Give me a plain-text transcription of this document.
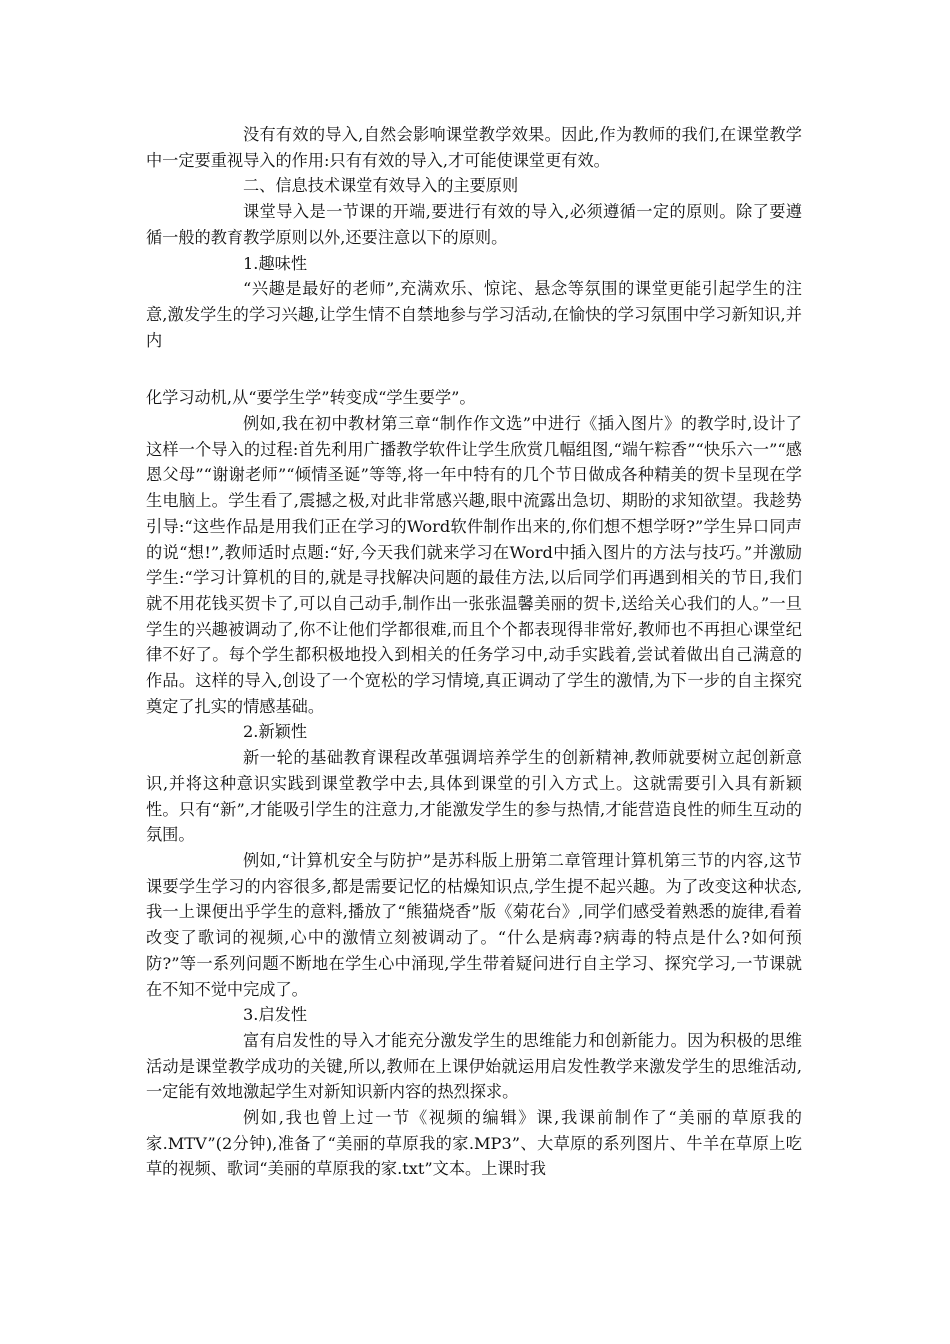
没有有效的导入,自然会影响课堂教学效果。因此,作为教师的我们,在课堂教学中一定要重视导入的作用:只有有效的导入,才可能使课堂更有效。

二、信息技术课堂有效导入的主要原则

课堂导入是一节课的开端,要进行有效的导入,必须遵循一定的原则。除了要遵循一般的教育教学原则以外,还要注意以下的原则。

1.趣味性

“兴趣是最好的老师”,充满欢乐、惊诧、悬念等氛围的课堂更能引起学生的注意,激发学生的学习兴趣,让学生情不自禁地参与学习活动,在愉快的学习氛围中学习新知识,并内

化学习动机,从“要学生学”转变成“学生要学”。

例如,我在初中教材第三章“制作作文选”中进行《插入图片》的教学时,设计了这样一个导入的过程:首先利用广播教学软件让学生欣赏几幅组图,“端午粽香”“快乐六一”“感恩父母”“谢谢老师”“倾情圣诞”等等,将一年中特有的几个节日做成各种精美的贺卡呈现在学生电脑上。学生看了,震撼之极,对此非常感兴趣,眼中流露出急切、期盼的求知欲望。我趁势引导:“这些作品是用我们正在学习的Word软件制作出来的,你们想不想学呀?”学生异口同声的说“想!”,教师适时点题:“好,今天我们就来学习在Word中插入图片的方法与技巧。”并激励学生:“学习计算机的目的,就是寻找解决问题的最佳方法,以后同学们再遇到相关的节日,我们就不用花钱买贺卡了,可以自己动手,制作出一张张温馨美丽的贺卡,送给关心我们的人。”一旦学生的兴趣被调动了,你不让他们学都很难,而且个个都表现得非常好,教师也不再担心课堂纪律不好了。每个学生都积极地投入到相关的任务学习中,动手实践着,尝试着做出自己满意的作品。这样的导入,创设了一个宽松的学习情境,真正调动了学生的激情,为下一步的自主探究奠定了扎实的情感基础。

2.新颖性

新一轮的基础教育课程改革强调培养学生的创新精神,教师就要树立起创新意识,并将这种意识实践到课堂教学中去,具体到课堂的引入方式上。这就需要引入具有新颖性。只有“新”,才能吸引学生的注意力,才能激发学生的参与热情,才能营造良性的师生互动的氛围。

例如,“计算机安全与防护”是苏科版上册第二章管理计算机第三节的内容,这节课要学生学习的内容很多,都是需要记忆的枯燥知识点,学生提不起兴趣。为了改变这种状态,我一上课便出乎学生的意料,播放了“熊猫烧香”版《菊花台》,同学们感受着熟悉的旋律,看着改变了歌词的视频,心中的激情立刻被调动了。“什么是病毒?病毒的特点是什么?如何预防?”等一系列问题不断地在学生心中涌现,学生带着疑问进行自主学习、探究学习,一节课就在不知不觉中完成了。

3.启发性

富有启发性的导入才能充分激发学生的思维能力和创新能力。因为积极的思维活动是课堂教学成功的关键,所以,教师在上课伊始就运用启发性教学来激发学生的思维活动,一定能有效地激起学生对新知识新内容的热烈探求。

例如,我也曾上过一节《视频的编辑》课,我课前制作了“美丽的草原我的家.MTV”(2分钟),准备了“美丽的草原我的家.MP3”、大草原的系列图片、牛羊在草原上吃草的视频、歌词“美丽的草原我的家.txt”文本。上课时我
